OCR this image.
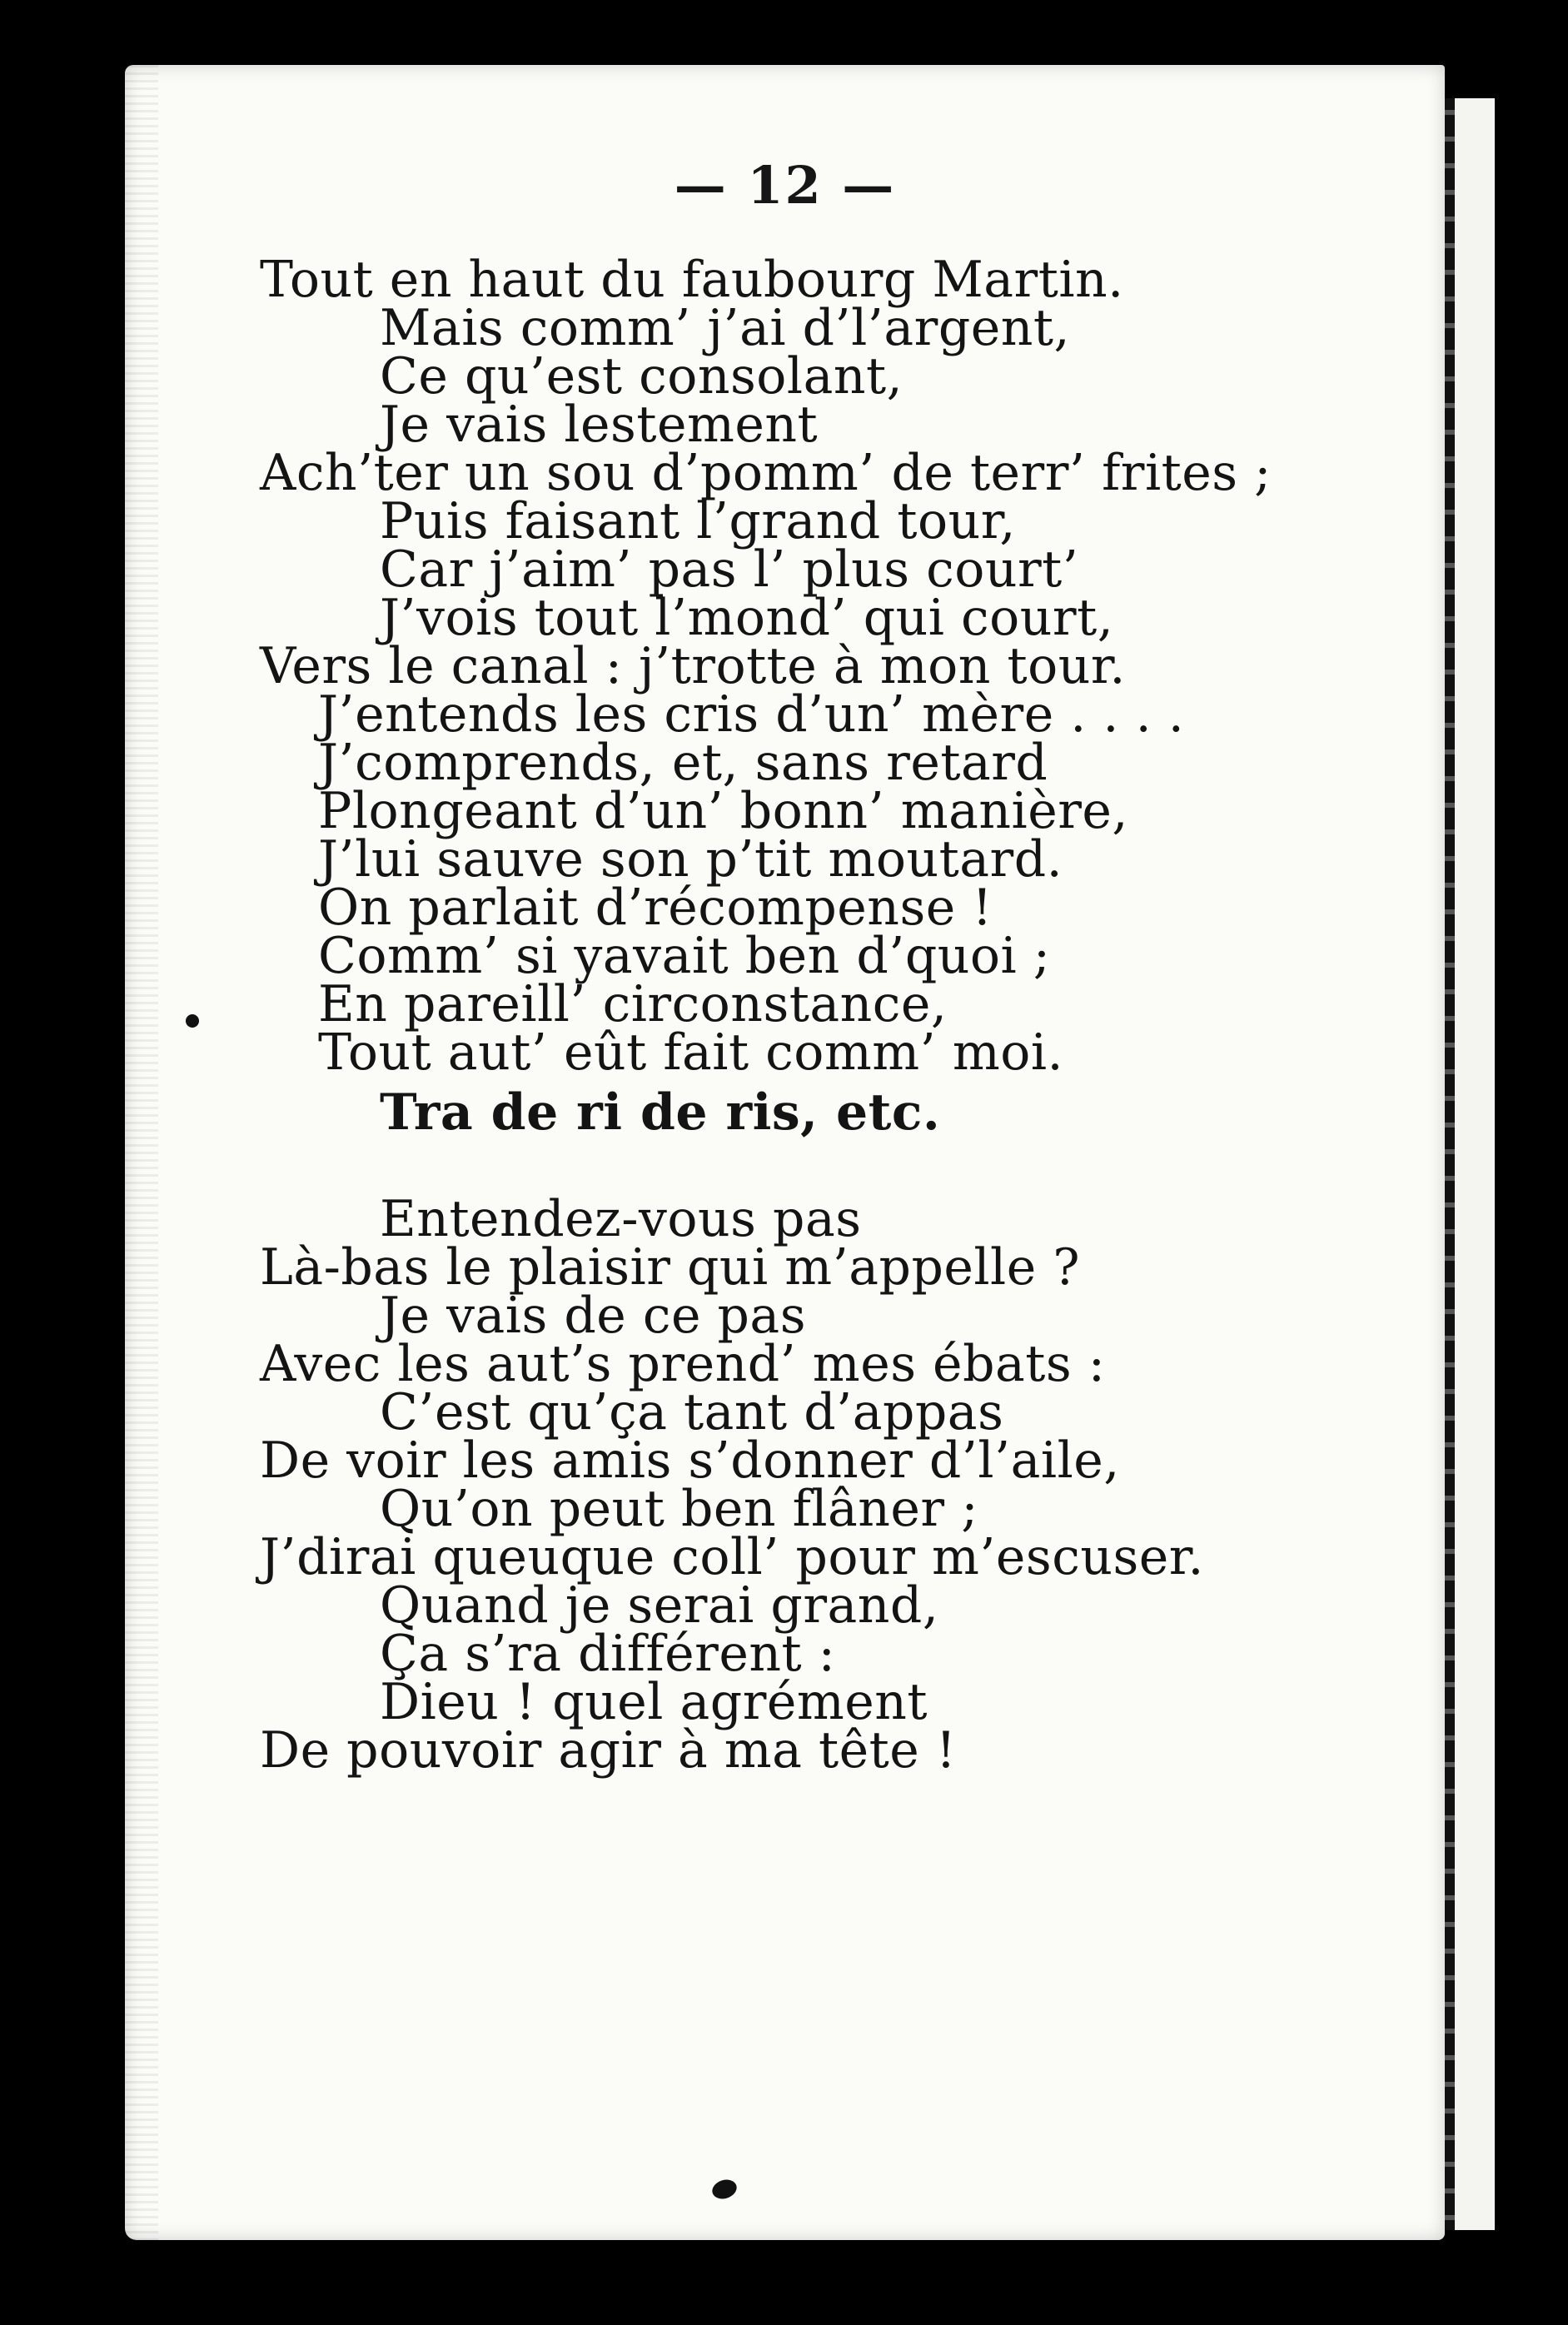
— 12 —
Tout en haut du faubourg Martin.
Mais comm’ j’ai d’l’argent,
Ce qu’est consolant,
Je vais lestement
Ach’ter un sou d’pomm’ de terr’ frites ;
Puis faisant l’grand tour,
Car j’aim’ pas l’ plus court’
J’vois tout l’mond’ qui court,
Vers le canal : j’trotte à mon tour.
J’entends les cris d’un’ mère . . . .
J’comprends, et, sans retard
Plongeant d’un’ bonn’ manière,
J’lui sauve son p’tit moutard.
On parlait d’récompense !
Comm’ si yavait ben d’quoi ;
En pareill’ circonstance,
Tout aut’ eût fait comm’ moi.
Tra de ri de ris, etc.
Entendez-vous pas
Là-bas le plaisir qui m’appelle ?
Je vais de ce pas
Avec les aut’s prend’ mes ébats :
C’est qu’ça tant d’appas
De voir les amis s’donner d’l’aile,
Qu’on peut ben flâner ;
J’dirai queuque coll’ pour m’escuser.
Quand je serai grand,
Ça s’ra différent :
Dieu ! quel agrément
De pouvoir agir à ma tête !
